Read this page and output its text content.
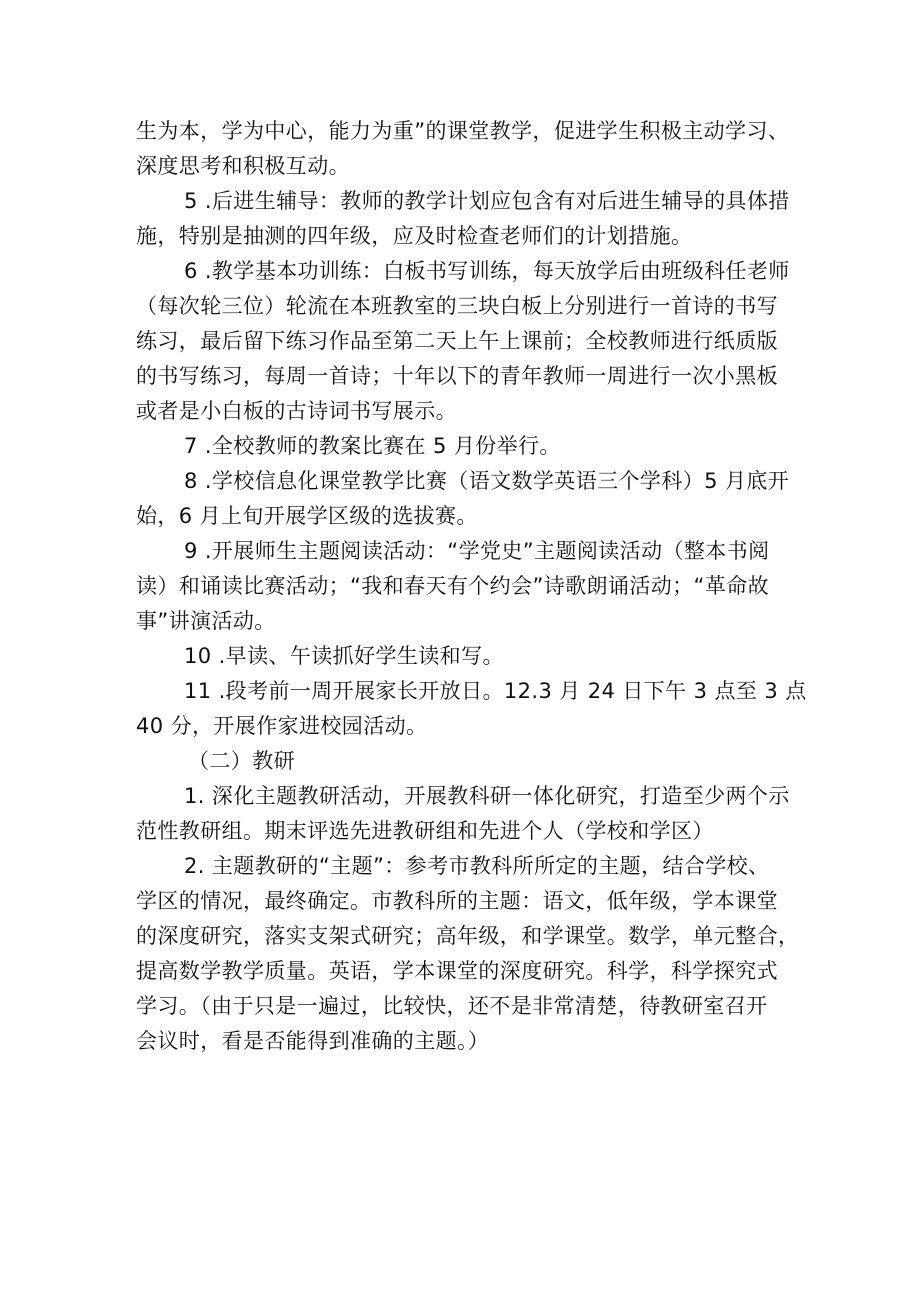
生为本，学为中心，能力为重”的课堂教学，促进学生积极主动学习、
深度思考和积极互动。
5 .后进生辅导：教师的教学计划应包含有对后进生辅导的具体措
施，特别是抽测的四年级，应及时检查老师们的计划措施。
6 .教学基本功训练：白板书写训练，每天放学后由班级科任老师
（每次轮三位）轮流在本班教室的三块白板上分别进行一首诗的书写
练习，最后留下练习作品至第二天上午上课前；全校教师进行纸质版
的书写练习，每周一首诗；十年以下的青年教师一周进行一次小黑板
或者是小白板的古诗词书写展示。
7 .全校教师的教案比赛在 5 月份举行。
8 .学校信息化课堂教学比赛（语文数学英语三个学科）5 月底开
始，6 月上旬开展学区级的选拔赛。
9 .开展师生主题阅读活动：“学党史”主题阅读活动（整本书阅
读）和诵读比赛活动；“我和春天有个约会”诗歌朗诵活动；“革命故
事”讲演活动。
10 .早读、午读抓好学生读和写。
11 .段考前一周开展家长开放日。12.3 月 24 日下午 3 点至 3 点
40 分，开展作家进校园活动。
（二）教研
1. 深化主题教研活动，开展教科研一体化研究，打造至少两个示
范性教研组。期末评选先进教研组和先进个人（学校和学区）
2. 主题教研的“主题”：参考市教科所所定的主题，结合学校、
学区的情况，最终确定。市教科所的主题：语文，低年级，学本课堂
的深度研究，落实支架式研究；高年级，和学课堂。数学，单元整合，
提高数学教学质量。英语，学本课堂的深度研究。科学，科学探究式
学习。（由于只是一遍过，比较快，还不是非常清楚，待教研室召开
会议时，看是否能得到准确的主题。）
